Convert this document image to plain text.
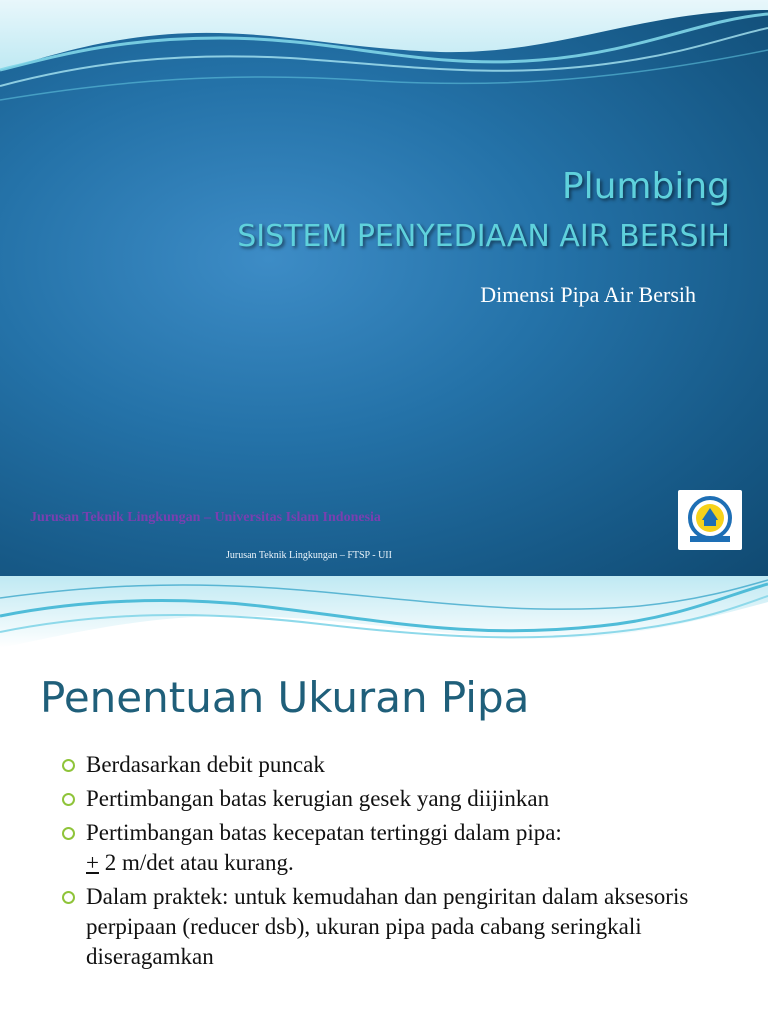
Plumbing
SISTEM PENYEDIAAN AIR BERSIH
Dimensi Pipa Air Bersih
Jurusan Teknik Lingkungan – Universitas Islam Indonesia
Jurusan Teknik Lingkungan – FTSP - UII
Penentuan Ukuran Pipa
Berdasarkan debit puncak
Pertimbangan batas kerugian gesek yang diijinkan
Pertimbangan batas kecepatan tertinggi dalam pipa:
+ 2 m/det atau kurang.
Dalam praktek: untuk kemudahan dan pengiritan dalam aksesoris perpipaan (reducer dsb), ukuran pipa pada cabang seringkali diseragamkan
